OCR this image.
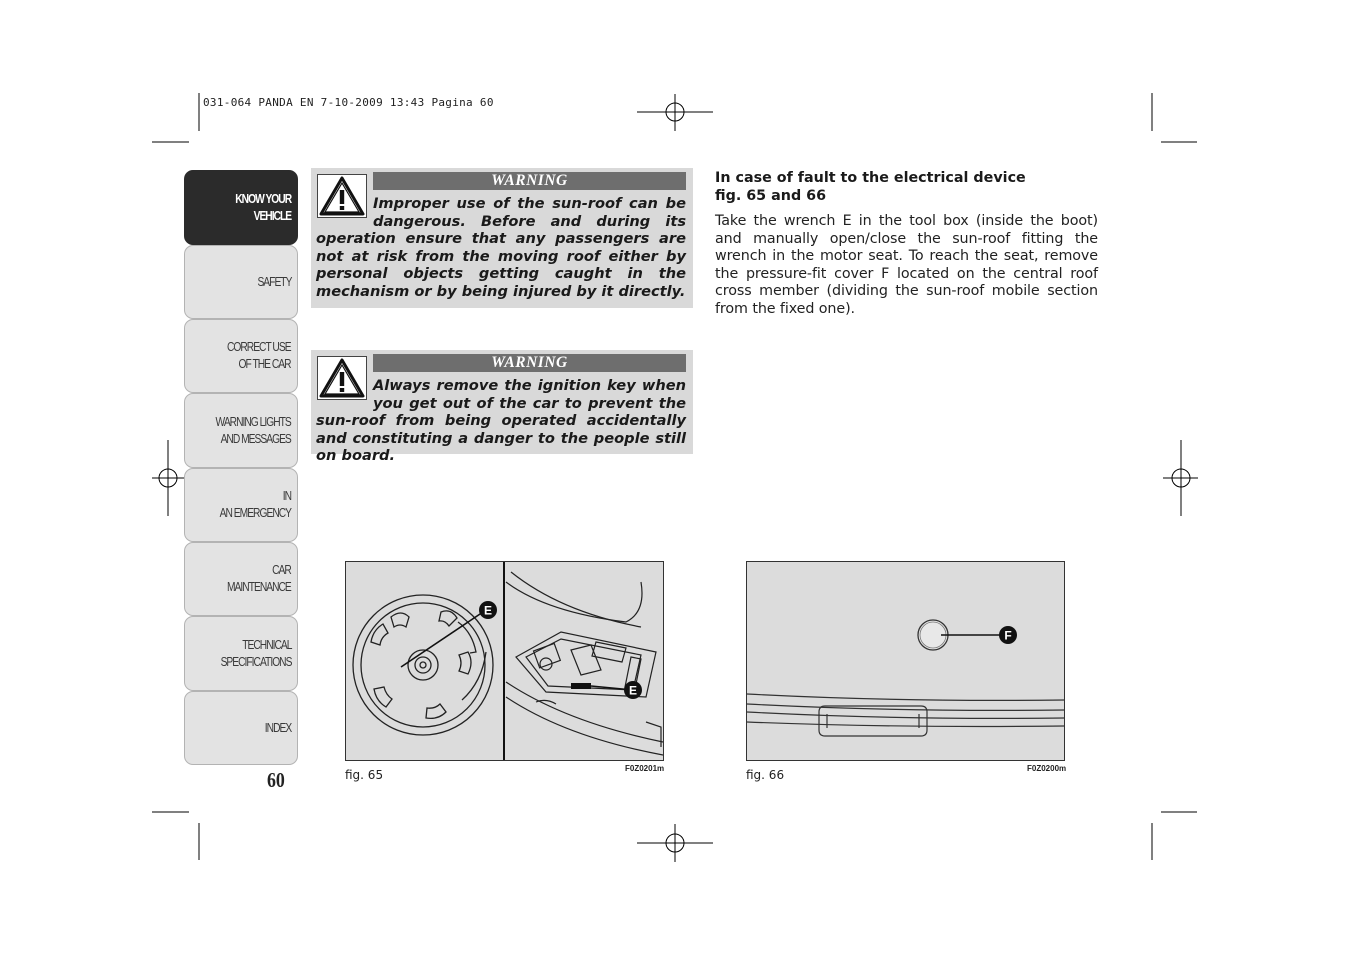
031-064 PANDA EN 7-10-2009 13:43 Pagina 60
KNOW YOUR
VEHICLE
SAFETY
CORRECT USE
OF THE CAR
WARNING LIGHTS
AND MESSAGES
IN
AN EMERGENCY
CAR
MAINTENANCE
TECHNICAL
SPECIFICATIONS
INDEX
60
WARNING
Improper use of the sun-roof can be dangerous. Before and during its operation ensure that any passengers are not at risk from the moving roof either by personal objects getting caught in the mechanism or by being injured by it directly.
WARNING
Always remove the ignition key when you get out of the car to prevent the sun-roof from being operated accidentally and constituting a danger to the people still on board.
In case of fault to the electrical device
fig. 65 and 66
Take the wrench E in the tool box (inside the boot) and manually open/close the sun-roof fitting the wrench in the motor seat. To reach the seat, remove the pressure-fit cover F located on the central roof cross member (dividing the sun-roof mobile section from the fixed one).
E
E
fig. 65	F0Z0201m
F
fig. 66	F0Z0200m
